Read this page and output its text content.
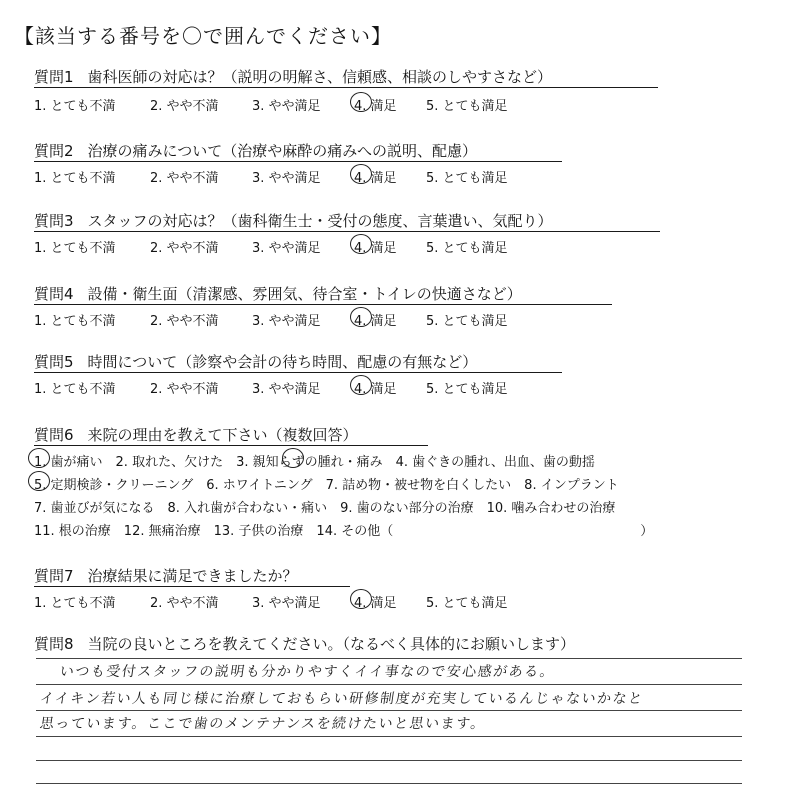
【該当する番号を〇で囲んでください】
質問1 歯科医師の対応は？（説明の明解さ、信頼感、相談のしやすさなど）
1. とても不満	2. やや不満	3. やや満足	4. 満足 5. とても満足
質問2 治療の痛みについて（治療や麻酔の痛みへの説明、配慮）
1. とても不満	2. やや不満	3. やや満足	4. 満足 5. とても満足
質問3 スタッフの対応は？（歯科衛生士・受付の態度、言葉遣い、気配り）
1. とても不満	2. やや不満	3. やや満足	4. 満足 5. とても満足
質問4 設備・衛生面（清潔感、雰囲気、待合室・トイレの快適さなど）
1. とても不満	2. やや不満	3. やや満足	4. 満足 5. とても満足
質問5 時間について（診察や会計の待ち時間、配慮の有無など）
1. とても不満	2. やや不満	3. やや満足	4. 満足 5. とても満足
質問6 来院の理由を教えて下さい（複数回答）
1. 歯が痛い　2. 取れた、欠けた　3. 親知らずの腫れ・痛み　4. 歯ぐきの腫れ、出血、歯の動揺
5. 定期検診・クリーニング　6. ホワイトニング　7. 詰め物・被せ物を白くしたい　8. インプラント
7. 歯並びが気になる　8. 入れ歯が合わない・痛い　9. 歯のない部分の治療　10. 噛み合わせの治療
11. 根の治療　12. 無痛治療　13. 子供の治療　14. その他（　　　　　　　　　　　　　　　　　　　）
質問7 治療結果に満足できましたか？
1. とても不満	2. やや不満	3. やや満足	4. 満足 5. とても満足
質問8 当院の良いところを教えてください。（なるべく具体的にお願いします）
いつも受付スタッフの説明も分かりやすくイイ事なので安心感がある。
イイキン若い人も同じ様に治療しておもらい研修制度が充実しているんじゃないかなと
思っています。ここで歯のメンテナンスを続けたいと思います。
